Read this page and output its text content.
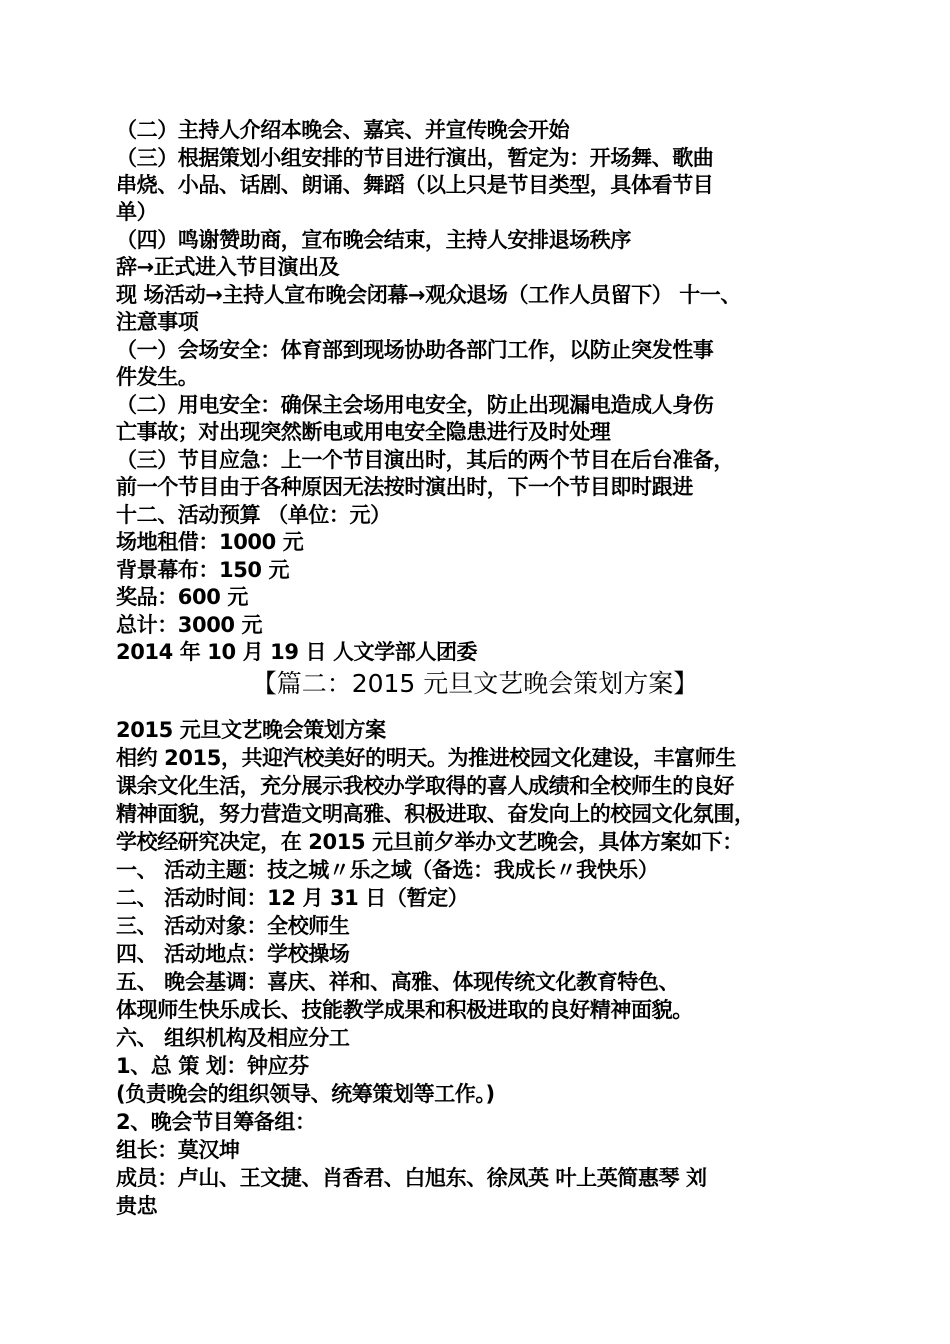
（二）主持人介绍本晚会、嘉宾、并宣传晚会开始
（三）根据策划小组安排的节目进行演出，暂定为：开场舞、歌曲
串烧、小品、话剧、朗诵、舞蹈（以上只是节目类型，具体看节目
单）
（四）鸣谢赞助商，宣布晚会结束，主持人安排退场秩序
辞→正式进入节目演出及
现 场活动→主持人宣布晚会闭幕→观众退场（工作人员留下） 十一、
注意事项
（一）会场安全：体育部到现场协助各部门工作，以防止突发性事
件发生。
（二）用电安全：确保主会场用电安全，防止出现漏电造成人身伤
亡事故；对出现突然断电或用电安全隐患进行及时处理
（三）节目应急：上一个节目演出时，其后的两个节目在后台准备，
前一个节目由于各种原因无法按时演出时，下一个节目即时跟进
十二、活动预算 （单位：元）
场地租借：1000 元
背景幕布：150 元
奖品：600 元
总计：3000 元
2014 年 10 月 19 日 人文学部人团委
【篇二：2015 元旦文艺晚会策划方案】
2015 元旦文艺晚会策划方案
相约 2015，共迎汽校美好的明天。为推进校园文化建设，丰富师生
课余文化生活，充分展示我校办学取得的喜人成绩和全校师生的良好
精神面貌，努力营造文明高雅、积极进取、奋发向上的校园文化氛围，
学校经研究决定，在 2015 元旦前夕举办文艺晚会，具体方案如下：
一、 活动主题：技之城〃乐之域（备选：我成长〃我快乐）
二、 活动时间：12 月 31 日（暂定）
三、 活动对象：全校师生
四、 活动地点：学校操场
五、 晚会基调：喜庆、祥和、高雅、体现传统文化教育特色、
体现师生快乐成长、技能教学成果和积极进取的良好精神面貌。
六、 组织机构及相应分工
1、总 策 划：钟应芬
(负责晚会的组织领导、统筹策划等工作。)
2、晚会节目筹备组：
组长：莫汉坤
成员：卢山、王文捷、肖香君、白旭东、徐凤英 叶上英简惠琴 刘
贵忠
